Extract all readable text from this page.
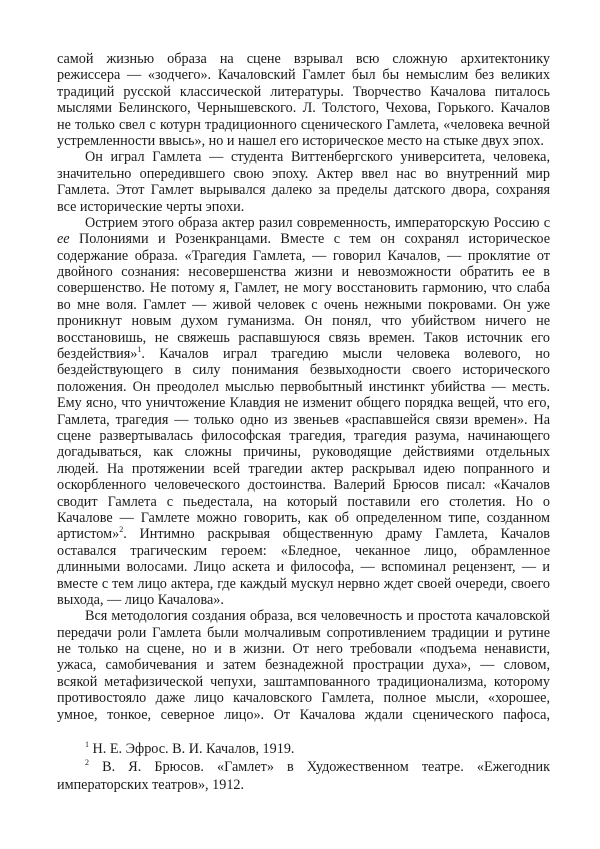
самой жизнью образа на сцене взрывал всю сложную архитектонику
режиссера — «зодчего». Качаловский Гамлет был бы немыслим без великих
традиций русской классической литературы. Творчество Качалова питалось
мыслями Белинского, Чернышевского. Л. Толстого, Чехова, Горького. Качалов
не только свел с котурн традиционного сценического Гамлета, «человека вечной
устремленности ввысь», но и нашел его историческое место на стыке двух эпох.
Он играл Гамлета — студента Виттенбергского университета, человека,
значительно опередившего свою эпоху. Актер ввел нас во внутренний мир
Гамлета. Этот Гамлет вырывался далеко за пределы датского двора, сохраняя
все исторические черты эпохи.
Острием этого образа актер разил современность, императорскую Россию с
ее Полониями и Розенкранцами. Вместе с тем он сохранял историческое
содержание образа. «Трагедия Гамлета, — говорил Качалов, — проклятие от
двойного сознания: несовершенства жизни и невозможности обратить ее в
совершенство. Не потому я, Гамлет, не могу восстановить гармонию, что слаба
во мне воля. Гамлет — живой человек с очень нежными покровами. Он уже
проникнут новым духом гуманизма. Он понял, что убийством ничего не
восстановишь, не свяжешь распавшуюся связь времен. Таков источник его
бездействия»$^1$. Качалов играл трагедию мысли человека волевого, но
бездействующего в силу понимания безвыходности своего исторического
положения. Он преодолел мыслью первобытный инстинкт убийства — месть.
Ему ясно, что уничтожение Клавдия не изменит общего порядка вещей, что его,
Гамлета, трагедия — только одно из звеньев «распавшейся связи времен». На
сцене развертывалась философская трагедия, трагедия разума, начинающего
догадываться, как сложны причины, руководящие действиями отдельных
людей. На протяжении всей трагедии актер раскрывал идею попранного и
оскорбленного человеческого достоинства. Валерий Брюсов писал: «Качалов
сводит Гамлета с пьедестала, на который поставили его столетия. Но о
Качалове — Гамлете можно говорить, как об определенном типе, созданном
артистом»$^2$. Интимно раскрывая общественную драму Гамлета, Качалов
оставался трагическим героем: «Бледное, чеканное лицо, обрамленное
длинными волосами. Лицо аскета и философа, — вспоминал рецензент, — и
вместе с тем лицо актера, где каждый мускул нервно ждет своей очереди, своего
выхода, — лицо Качалова».
Вся методология создания образа, вся человечность и простота качаловской
передачи роли Гамлета были молчаливым сопротивлением традиции и рутине
не только на сцене, но и в жизни. От него требовали «подъема ненависти,
ужаса, самобичевания и затем безнадежной прострации духа», — словом,
всякой метафизической чепухи, заштампованного традиционализма, которому
противостояло даже лицо качаловского Гамлета, полное мысли, «хорошее,
умное, тонкое, северное лицо». От Качалова ждали сценического пафоса,
$^1$ Н. Е. Эфрос. В. И. Качалов, 1919.
$^2$ В. Я. Брюсов. «Гамлет» в Художественном театре. «Ежегодник
императорских театров», 1912.
